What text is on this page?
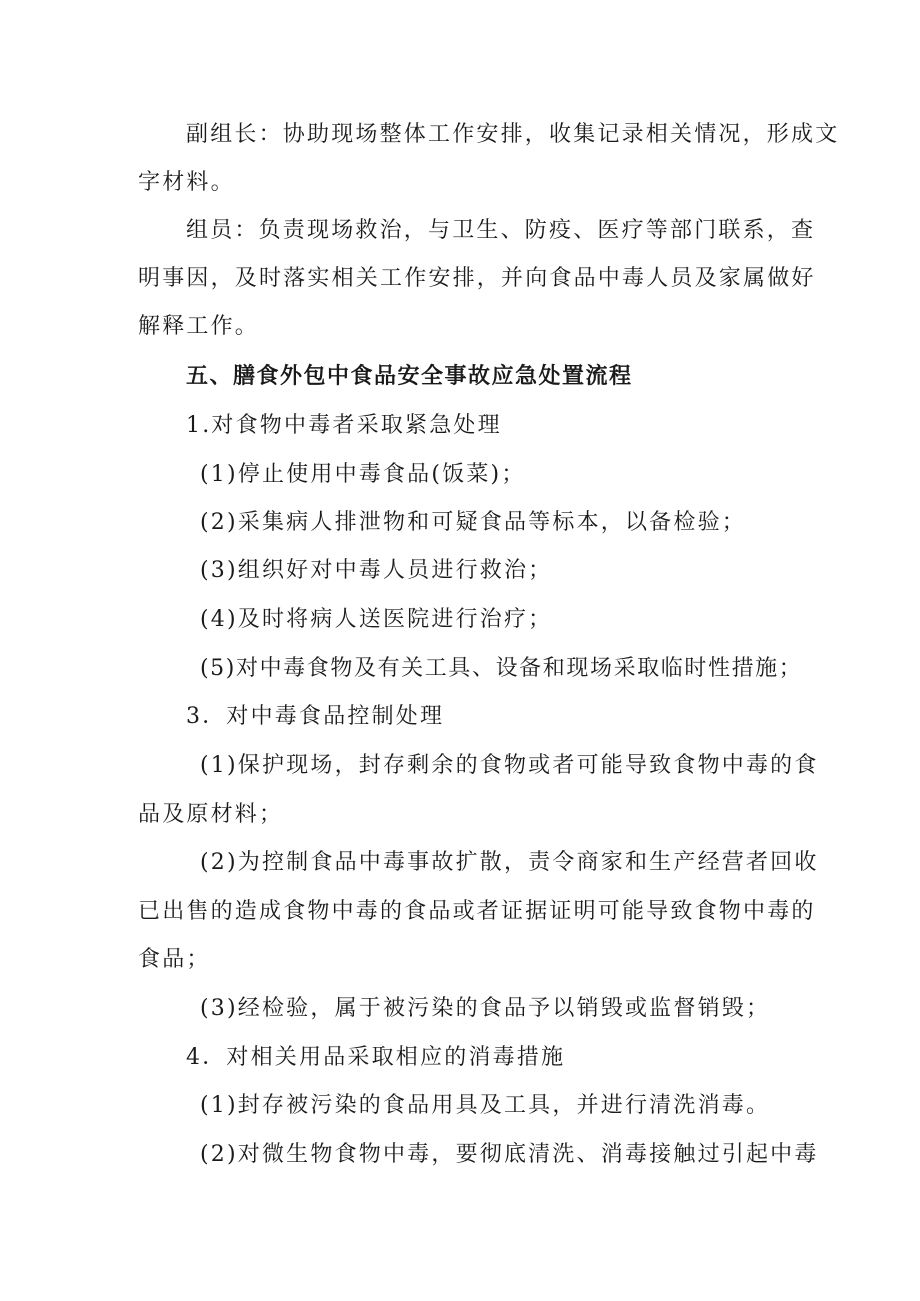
副组长：协助现场整体工作安排，收集记录相关情况，形成文
字材料。
组员：负责现场救治，与卫生、防疫、医疗等部门联系，查
明事因，及时落实相关工作安排，并向食品中毒人员及家属做好
解释工作。
五、膳食外包中食品安全事故应急处置流程
1.对食物中毒者采取紧急处理
(1)停止使用中毒食品(饭菜)；
(2)采集病人排泄物和可疑食品等标本，以备检验；
(3)组织好对中毒人员进行救治；
(4)及时将病人送医院进行治疗；
(5)对中毒食物及有关工具、设备和现场采取临时性措施；
3．对中毒食品控制处理
(1)保护现场，封存剩余的食物或者可能导致食物中毒的食
品及原材料；
(2)为控制食品中毒事故扩散，责令商家和生产经营者回收
已出售的造成食物中毒的食品或者证据证明可能导致食物中毒的
食品；
(3)经检验，属于被污染的食品予以销毁或监督销毁；
4．对相关用品采取相应的消毒措施
(1)封存被污染的食品用具及工具，并进行清洗消毒。
(2)对微生物食物中毒，要彻底清洗、消毒接触过引起中毒
